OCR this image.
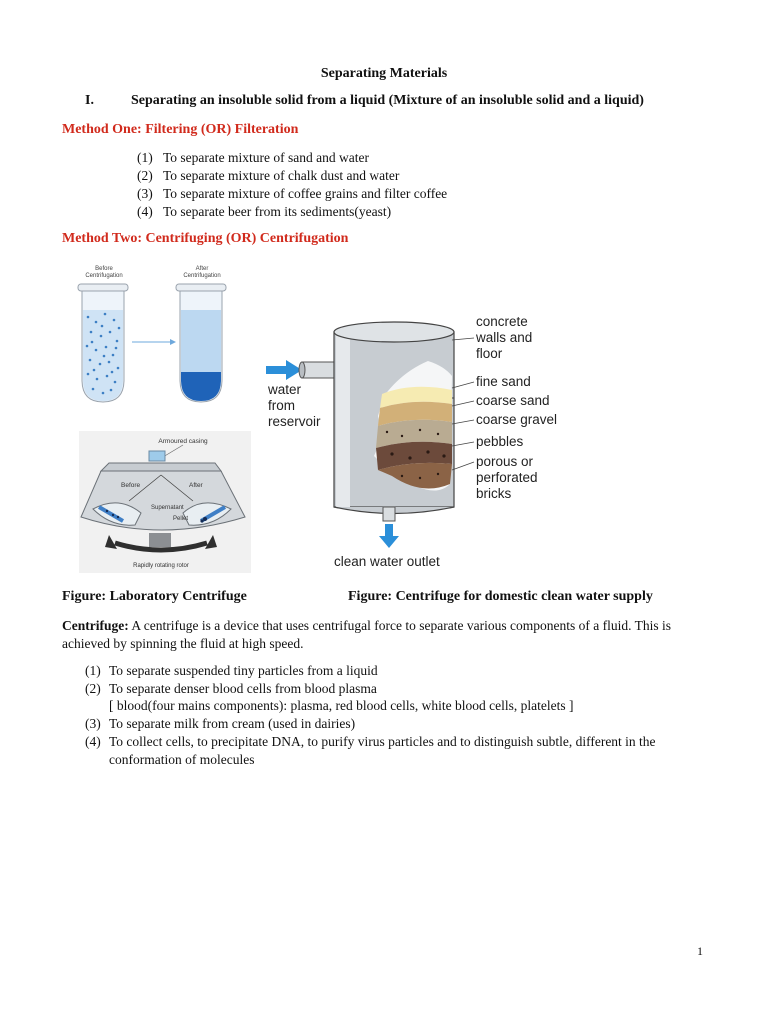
Separating Materials
I.	Separating an insoluble solid from a liquid (Mixture of an insoluble solid and a liquid)
Method One: Filtering (OR) Filteration
(1) To separate mixture of sand and water
(2) To separate mixture of chalk dust and water
(3) To separate mixture of coffee grains and filter coffee
(4) To separate beer from its sediments(yeast)
Method Two: Centrifuging (OR) Centrifugation
Before
Centrifugation
After
Centrifugation
Armoured casing
Before	After
Supernatant
Pellet
Rapidly rotating rotor
water
from
reservoir
concrete
walls and
floor
fine sand
coarse sand
coarse gravel
pebbles
porous or
perforated
bricks
clean water outlet
Figure: Laboratory Centrifuge	Figure: Centrifuge for domestic clean water supply
Centrifuge: A centrifuge is a device that uses centrifugal force to separate various components of a fluid. This is
achieved by spinning the fluid at high speed.
(1) To separate suspended tiny particles from a liquid
(2) To separate denser blood cells from blood plasma
[ blood(four mains components): plasma, red blood cells, white blood cells, platelets ]
(3) To separate milk from cream (used in dairies)
(4) To collect cells, to precipitate DNA, to purify virus particles and to distinguish subtle, different in the
conformation of molecules
1
